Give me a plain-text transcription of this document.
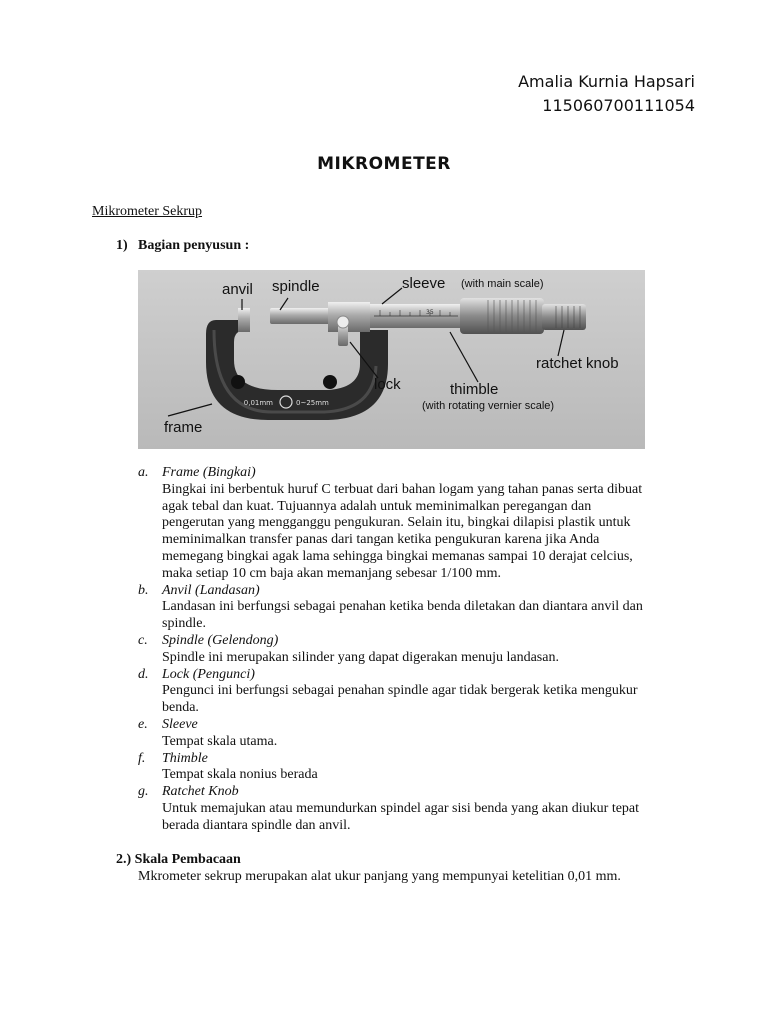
Amalia Kurnia Hapsari
115060700111054
MIKROMETER
Mikrometer Sekrup
1) Bagian penyusun :
0,01mm	0~25mm
35
anvil spindle	sleeve (with main scale)
ratchet knob
lock	thimble
(with rotating vernier scale)
frame
a. Frame (Bingkai)
Bingkai ini berbentuk huruf C terbuat dari bahan logam yang tahan panas serta dibuat
agak tebal dan kuat. Tujuannya adalah untuk meminimalkan peregangan dan
pengerutan yang mengganggu pengukuran. Selain itu, bingkai dilapisi plastik untuk
meminimalkan transfer panas dari tangan ketika pengukuran karena jika Anda
memegang bingkai agak lama sehingga bingkai memanas sampai 10 derajat celcius,
maka setiap 10 cm baja akan memanjang sebesar 1/100 mm.
b. Anvil (Landasan)
Landasan ini berfungsi sebagai penahan ketika benda diletakan dan diantara anvil dan
spindle.
c. Spindle (Gelendong)
Spindle ini merupakan silinder yang dapat digerakan menuju landasan.
d. Lock (Pengunci)
Pengunci ini berfungsi sebagai penahan spindle agar tidak bergerak ketika mengukur
benda.
e. Sleeve
Tempat skala utama.
f. Thimble
Tempat skala nonius berada
g. Ratchet Knob
Untuk memajukan atau memundurkan spindel agar sisi benda yang akan diukur tepat
berada diantara spindle dan anvil.
2.) Skala Pembacaan
Mkrometer sekrup merupakan alat ukur panjang yang mempunyai ketelitian 0,01 mm.
